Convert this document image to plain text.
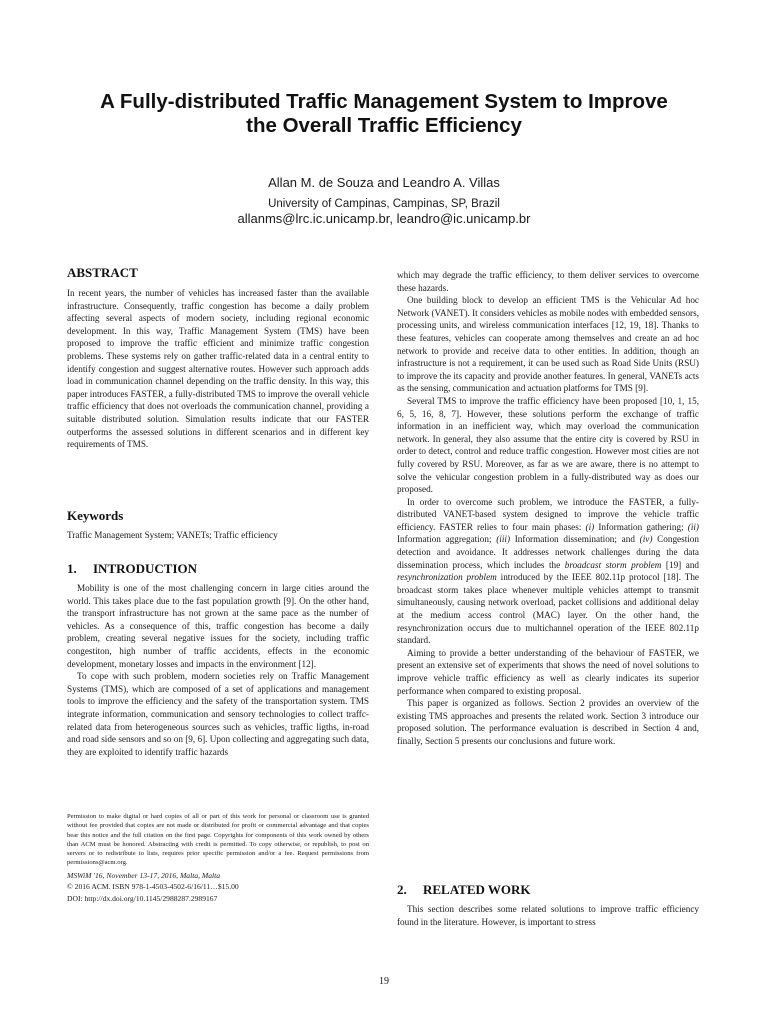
A Fully-distributed Traffic Management System to Improve
the Overall Traffic Efficiency
Allan M. de Souza and Leandro A. Villas
University of Campinas, Campinas, SP, Brazil
allanms@lrc.ic.unicamp.br, leandro@ic.unicamp.br
ABSTRACT

In recent years, the number of vehicles has increased faster than the available infrastructure. Consequently, traffic congestion has become a daily problem affecting several aspects of modern society, including regional economic development. In this way, Traffic Management System (TMS) have been proposed to improve the traffic efficient and minimize traffic congestion problems. These systems rely on gather traffic-related data in a central entity to identify congestion and suggest alternative routes. However such approach adds load in communication channel depending on the traffic density. In this way, this paper introduces FASTER, a fully-distributed TMS to improve the overall vehicle traffic efficiency that does not overloads the communication channel, providing a suitable distributed solution. Simulation results indicate that our FASTER outperforms the assessed solutions in different scenarios and in different key requirements of TMS.

Keywords

Traffic Management System; VANETs; Traffic efficiency

1. INTRODUCTION

Mobility is one of the most challenging concern in large cities around the world. This takes place due to the fast population growth [9]. On the other hand, the transport infrastructure has not grown at the same pace as the number of vehicles. As a consequence of this, traffic congestion has become a daily problem, creating several negative issues for the society, including traffic congestiton, high number of traffic accidents, effects in the economic development, monetary losses and impacts in the environment [12].

To cope with such problem, modern societies rely on Traffic Management Systems (TMS), which are composed of a set of applications and management tools to improve the efficiency and the safety of the transportation system. TMS integrate information, communication and sensory technologies to collect traffc-related data from heterogeneous sources such as vehicles, traffic ligths, in-road and road side sensors and so on [9, 6]. Upon collecting and aggregating such data, they are exploited to identify traffic hazards

Permission to make digital or hard copies of all or part of this work for personal or classroom use is granted without fee provided that copies are not made or distributed for profit or commercial advantage and that copies bear this notice and the full citation on the first page. Copyrights for components of this work owned by others than ACM must be honored. Abstracting with credit is permitted. To copy otherwise, or republish, to post on servers or to redistribute to lists, requires prior specific permission and/or a fee. Request permissions from permissions@acm.org.

MSWiM '16, November 13-17, 2016, Malta, Malta

© 2016 ACM. ISBN 978-1-4503-4502-6/16/11…$15.00

DOI: http://dx.doi.org/10.1145/2988287.2989167

which may degrade the traffic efficiency, to them deliver services to overcome these hazards.

One building block to develop an efficient TMS is the Vehicular Ad hoc Network (VANET). It considers vehicles as mobile nodes with embedded sensors, processing units, and wireless communication interfaces [12, 19, 18]. Thanks to these features, vehicles can cooperate among themselves and create an ad hoc network to provide and receive data to other entities. In addition, though an infrastructure is not a requirement, it can be used such as Road Side Units (RSU) to improve the its capacity and provide another features. In general, VANETs acts as the sensing, communication and actuation platforms for TMS [9].

Several TMS to improve the traffic efficiency have been proposed [10, 1, 15, 6, 5, 16, 8, 7]. However, these solutions perform the exchange of traffic information in an inefficient way, which may overload the communication network. In general, they also assume that the entire city is covered by RSU in order to detect, control and reduce traffic congestion. However most cities are not fully covered by RSU. Moreover, as far as we are aware, there is no attempt to solve the vehicular congestion problem in a fully-distributed way as does our proposed.

In order to overcome such problem, we introduce the FASTER, a fully-distributed VANET-based system designed to improve the vehicle traffic efficiency. FASTER relies to four main phases: (i) Information gathering; (ii) Information aggregation; (iii) Information dissemination; and (iv) Congestion detection and avoidance. It addresses network challenges during the data dissemination process, which includes the broadcast storm problem [19] and resynchronization problem introduced by the IEEE 802.11p protocol [18]. The broadcast storm takes place whenever multiple vehicles attempt to transmit simultaneously, causing network overload, packet collisions and additional delay at the medium access control (MAC) layer. On the other hand, the resynchronization occurs due to multichannel operation of the IEEE 802.11p standard.

Aiming to provide a better understanding of the behaviour of FASTER, we present an extensive set of experiments that shows the need of novel solutions to improve vehicle traffic efficiency as well as clearly indicates its superior performance when compared to existing proposal.

This paper is organized as follows. Section 2 provides an overview of the existing TMS approaches and presents the related work. Section 3 introduce our proposed solution. The performance evaluation is described in Section 4 and, finally, Section 5 presents our conclusions and future work.

2. RELATED WORK

This section describes some related solutions to improve traffic efficiency found in the literature. However, is important to stress

19
